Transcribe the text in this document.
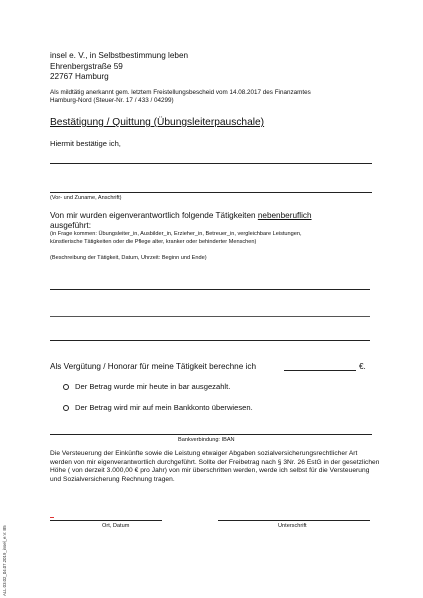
insel e. V., in Selbstbestimmung leben
Ehrenbergstraße 59
22767 Hamburg
Als mildtätig anerkannt gem. letztem Freistellungsbescheid vom 14.08.2017 des Finanzamtes
Hamburg-Nord (Steuer-Nr. 17 / 433 / 04299)
Bestätigung / Quittung (Übungsleiterpauschale)
Hiermit bestätige ich,
(Vor- und Zuname, Anschrift)
Von mir wurden eigenverantwortlich folgende Tätigkeiten nebenberuflich
ausgeführt:
(in Frage kommen: Übungsleiter_in, Ausbilder_in, Erzieher_in, Betreuer_in, vergleichbare Leistungen,
künstlerische Tätigkeiten oder die Pflege alter, kranker oder behinderter Menschen)
(Beschreibung der Tätigkeit, Datum, Uhrzeit: Beginn und Ende)
Als Vergütung / Honorar für meine Tätigkeit berechne ich	€.
Der Betrag wurde mir heute in bar ausgezahlt.
Der Betrag wird mir auf mein Bankkonto überwiesen.
Bankverbindung: IBAN
Die Versteuerung der Einkünfte sowie die Leistung etwaiger Abgaben sozialversicherungsrechtlicher Art werden von mir eigenverantwortlich durchgeführt. Sollte der Freibetrag nach § 3Nr. 26 EstG in der gesetzlichen Höhe ( von derzeit 3.000,00 € pro Jahr) von mir überschritten werden, werde ich selbst für die Versteuerung und Sozialversicherung Rechnung tragen.
Ort, Datum	Unterschrift
ALL 03.02_04.07.2019_insel_e.V. B5
